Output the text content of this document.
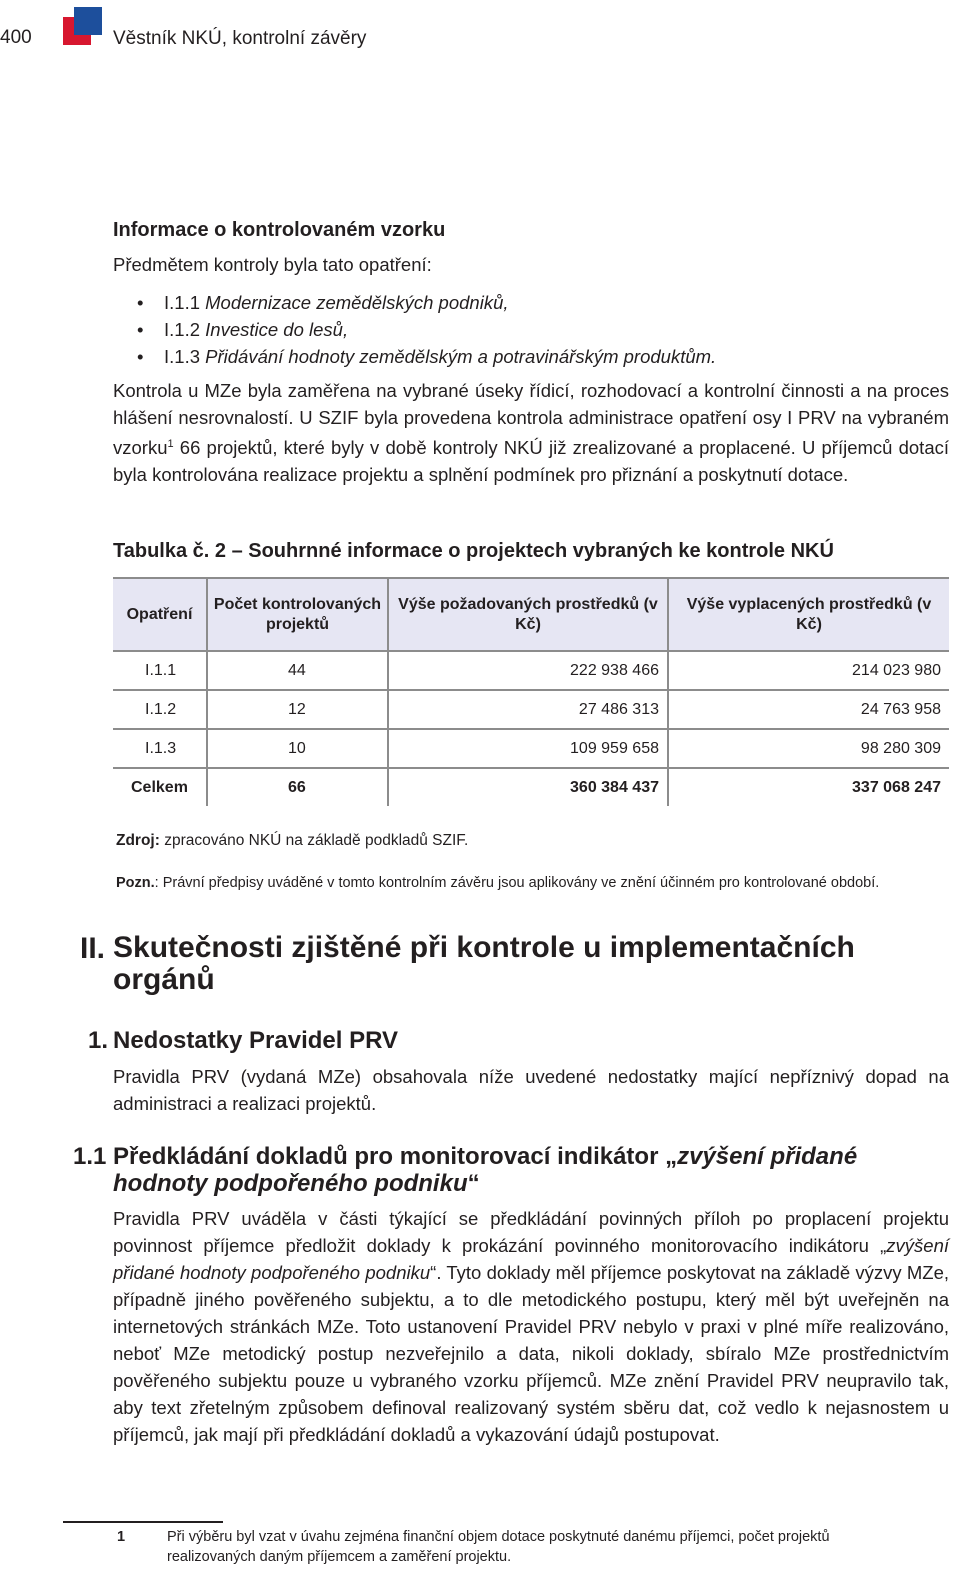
400	Věstník NKÚ, kontrolní závěry
Informace o kontrolovaném vzorku
Předmětem kontroly byla tato opatření:
• I.1.1 Modernizace zemědělských podniků,
• I.1.2 Investice do lesů,
• I.1.3 Přidávání hodnoty zemědělským a potravinářským produktům.
Kontrola u MZe byla zaměřena na vybrané úseky řídicí, rozhodovací a kontrolní činnosti a na proces hlášení nesrovnalostí. U SZIF byla provedena kontrola administrace opatření osy I PRV na vybraném vzorku$^1$ 66 projektů, které byly v době kontroly NKÚ již zrealizované a proplacené. U příjemců dotací byla kontrolována realizace projektu a splnění podmínek pro přiznání a poskytnutí dotace.
Tabulka č. 2 – Souhrnné informace o projektech vybraných ke kontrole NKÚ
Opatření	Počet kontrolovaných projektů	Výše požadovaných prostředků (v Kč)	Výše vyplacených prostředků (v Kč)
I.1.1	44	222 938 466	214 023 980
I.1.2	12	27 486 313	24 763 958
I.1.3	10	109 959 658	98 280 309
Celkem	66	360 384 437	337 068 247
Zdroj: zpracováno NKÚ na základě podkladů SZIF.
Pozn.: Právní předpisy uváděné v tomto kontrolním závěru jsou aplikovány ve znění účinném pro kontrolované období.
II. Skutečnosti zjištěné při kontrole u implementačních orgánů
1. Nedostatky Pravidel PRV
Pravidla PRV (vydaná MZe) obsahovala níže uvedené nedostatky mající nepříznivý dopad na administraci a realizaci projektů.
1.1 Předkládání dokladů pro monitorovací indikátor „zvýšení přidané hodnoty podpořeného podniku“
Pravidla PRV uváděla v části týkající se předkládání povinných příloh po proplacení projektu povinnost příjemce předložit doklady k prokázání povinného monitorovacího indikátoru „zvýšení přidané hodnoty podpořeného podniku“. Tyto doklady měl příjemce poskytovat na základě výzvy MZe, případně jiného pověřeného subjektu, a to dle metodického postupu, který měl být uveřejněn na internetových stránkách MZe. Toto ustanovení Pravidel PRV nebylo v praxi v plné míře realizováno, neboť MZe metodický postup nezveřejnilo a data, nikoli doklady, sbíralo MZe prostřednictvím pověřeného subjektu pouze u vybraného vzorku příjemců. MZe znění Pravidel PRV neupravilo tak, aby text zřetelným způsobem definoval realizovaný systém sběru dat, což vedlo k nejasnostem u příjemců, jak mají při předkládání dokladů a vykazování údajů postupovat.
1	Při výběru byl vzat v úvahu zejména finanční objem dotace poskytnuté danému příjemci, počet projektů realizovaných daným příjemcem a zaměření projektu.
